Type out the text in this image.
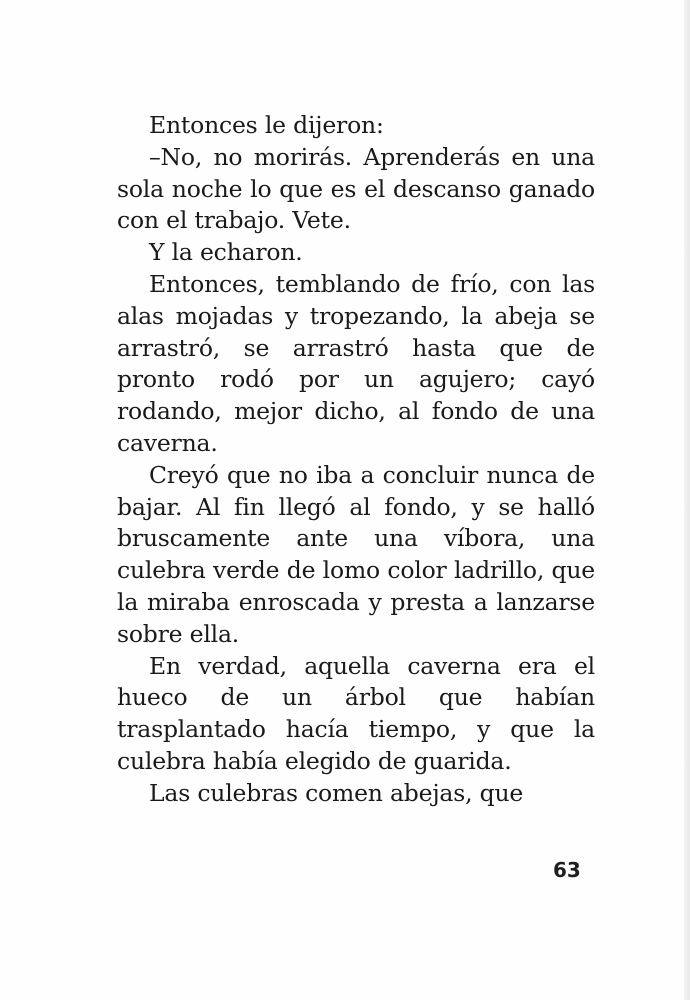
Entonces le dijeron:

–No, no morirás. Aprenderás en una sola noche lo que es el descanso ganado con el trabajo. Vete.

Y la echaron.

Entonces, temblando de frío, con las alas mojadas y tropezando, la abeja se arrastró, se arrastró hasta que de pronto rodó por un agujero; cayó rodando, mejor dicho, al fondo de una caverna.

Creyó que no iba a concluir nunca de bajar. Al fin llegó al fondo, y se halló bruscamente ante una víbora, una culebra verde de lomo color ladrillo, que la miraba enroscada y presta a lanzarse sobre ella.

En verdad, aquella caverna era el hueco de un árbol que habían trasplantado hacía tiempo, y que la culebra había elegido de guarida.

Las culebras comen abejas, que

63
